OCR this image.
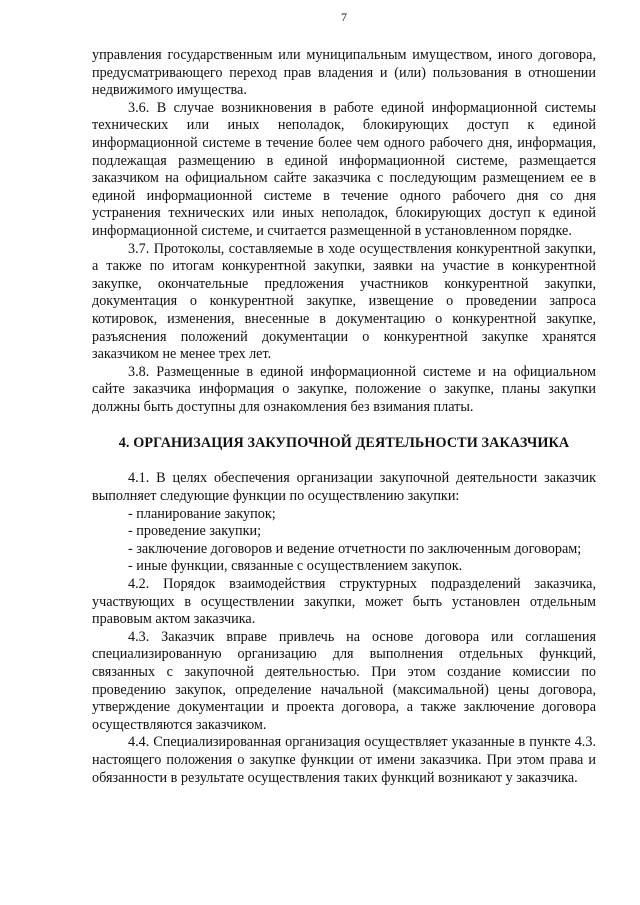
7

управления государственным или муниципальным имуществом, иного договора, предусматривающего переход прав владения и (или) пользования в отношении недвижимого имущества.

3.6. В случае возникновения в работе единой информационной системы технических или иных неполадок, блокирующих доступ к единой информационной системе в течение более чем одного рабочего дня, информация, подлежащая размещению в единой информационной системе, размещается заказчиком на официальном сайте заказчика с последующим размещением ее в единой информационной системе в течение одного рабочего дня со дня устранения технических или иных неполадок, блокирующих доступ к единой информационной системе, и считается размещенной в установленном порядке.

3.7. Протоколы, составляемые в ходе осуществления конкурентной закупки, а также по итогам конкурентной закупки, заявки на участие в конкурентной закупке, окончательные предложения участников конкурентной закупки, документация о конкурентной закупке, извещение о проведении запроса котировок, изменения, внесенные в документацию о конкурентной закупке, разъяснения положений документации о конкурентной закупке хранятся заказчиком не менее трех лет.

3.8. Размещенные в единой информационной системе и на официальном сайте заказчика информация о закупке, положение о закупке, планы закупки должны быть доступны для ознакомления без взимания платы.

4. ОРГАНИЗАЦИЯ ЗАКУПОЧНОЙ ДЕЯТЕЛЬНОСТИ ЗАКАЗЧИКА

4.1. В целях обеспечения организации закупочной деятельности заказчик выполняет следующие функции по осуществлению закупки:

- планирование закупок;

- проведение закупки;

- заключение договоров и ведение отчетности по заключенным договорам;

- иные функции, связанные с осуществлением закупок.

4.2. Порядок взаимодействия структурных подразделений заказчика, участвующих в осуществлении закупки, может быть установлен отдельным правовым актом заказчика.

4.3. Заказчик вправе привлечь на основе договора или соглашения специализированную организацию для выполнения отдельных функций, связанных с закупочной деятельностью. При этом создание комиссии по проведению закупок, определение начальной (максимальной) цены договора, утверждение документации и проекта договора, а также заключение договора осуществляются заказчиком.

4.4. Специализированная организация осуществляет указанные в пункте 4.3. настоящего положения о закупке функции от имени заказчика. При этом права и обязанности в результате осуществления таких функций возникают у заказчика.
